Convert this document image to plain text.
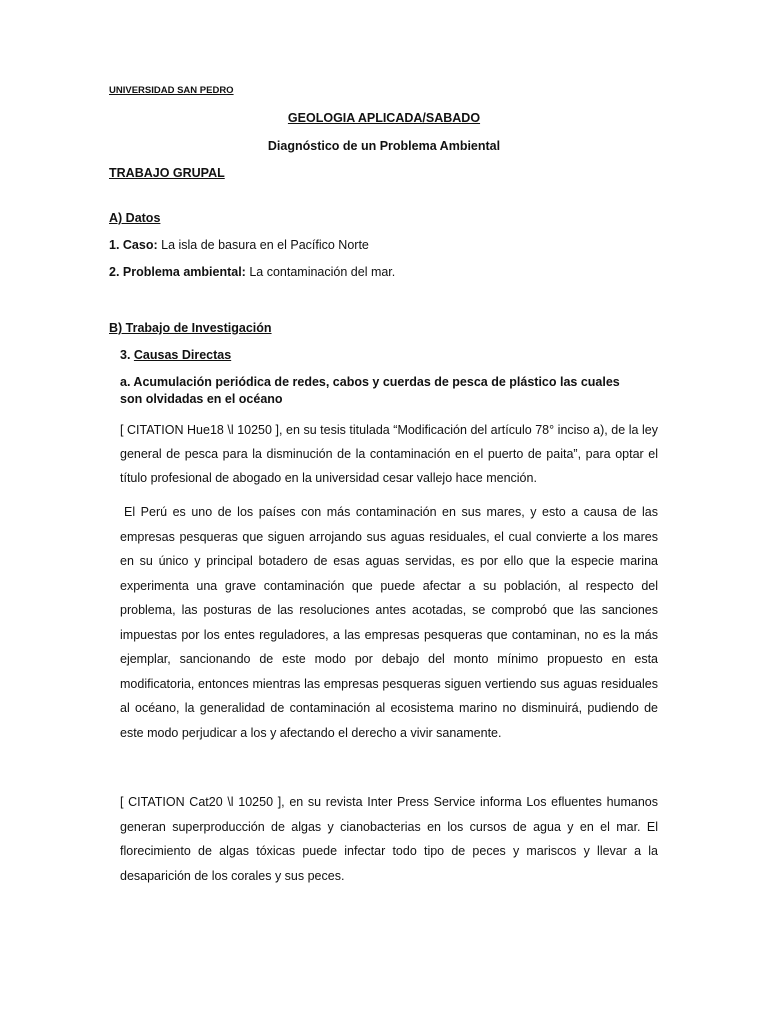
UNIVERSIDAD SAN PEDRO
GEOLOGIA APLICADA/SABADO
Diagnóstico de un Problema Ambiental
TRABAJO GRUPAL
A) Datos
1. Caso: La isla de basura en el Pacífico Norte
2. Problema ambiental: La contaminación del mar.
B) Trabajo de Investigación
3. Causas Directas
a. Acumulación periódica de redes, cabos y cuerdas de pesca de plástico las cuales son olvidadas en el océano
[ CITATION Hue18 \l 10250 ], en su tesis titulada “Modificación del artículo 78° inciso a), de la ley general de pesca para la disminución de la contaminación en el puerto de paita”, para optar el título profesional de abogado en la universidad cesar vallejo hace mención.
El Perú es uno de los países con más contaminación en sus mares, y esto a causa de las empresas pesqueras que siguen arrojando sus aguas residuales, el cual convierte a los mares en su único y principal botadero de esas aguas servidas, es por ello que la especie marina experimenta una grave contaminación que puede afectar a su población, al respecto del problema, las posturas de las resoluciones antes acotadas, se comprobó que las sanciones impuestas por los entes reguladores, a las empresas pesqueras que contaminan, no es la más ejemplar, sancionando de este modo por debajo del monto mínimo propuesto en esta modificatoria, entonces mientras las empresas pesqueras siguen vertiendo sus aguas residuales al océano, la generalidad de contaminación al ecosistema marino no disminuirá, pudiendo de este modo perjudicar a los y afectando el derecho a vivir sanamente.
[ CITATION Cat20 \l 10250 ], en su revista Inter Press Service informa Los efluentes humanos generan superproducción de algas y cianobacterias en los cursos de agua y en el mar. El florecimiento de algas tóxicas puede infectar todo tipo de peces y mariscos y llevar a la desaparición de los corales y sus peces.
